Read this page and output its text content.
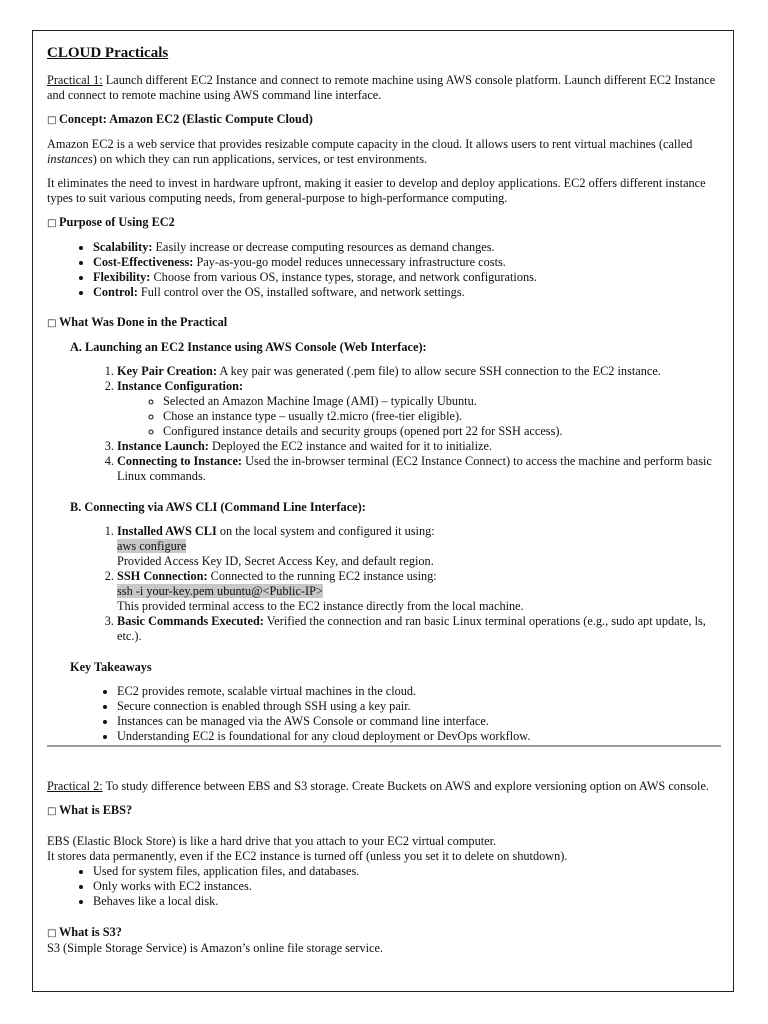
CLOUD Practicals

Practical 1: Launch different EC2 Instance and connect to remote machine using AWS console platform. Launch different EC2 Instance and connect to remote machine using AWS command line interface.

□ Concept: Amazon EC2 (Elastic Compute Cloud)

Amazon EC2 is a web service that provides resizable compute capacity in the cloud. It allows users to rent virtual machines (called instances) on which they can run applications, services, or test environments.

It eliminates the need to invest in hardware upfront, making it easier to develop and deploy applications. EC2 offers different instance types to suit various computing needs, from general-purpose to high-performance computing.

□ Purpose of Using EC2
• Scalability: Easily increase or decrease computing resources as demand changes.
• Cost-Effectiveness: Pay-as-you-go model reduces unnecessary infrastructure costs.
• Flexibility: Choose from various OS, instance types, storage, and network configurations.
• Control: Full control over the OS, installed software, and network settings.
□ What Was Done in the Practical
A. Launching an EC2 Instance using AWS Console (Web Interface):
1. Key Pair Creation: A key pair was generated (.pem file) to allow secure SSH connection to the EC2 instance.
2. Instance Configuration:
◦ Selected an Amazon Machine Image (AMI) – typically Ubuntu.
◦ Chose an instance type – usually t2.micro (free-tier eligible).
◦ Configured instance details and security groups (opened port 22 for SSH access).
3. Instance Launch: Deployed the EC2 instance and waited for it to initialize.
4. Connecting to Instance: Used the in-browser terminal (EC2 Instance Connect) to access the machine and perform basic Linux commands.
B. Connecting via AWS CLI (Command Line Interface):
1. Installed AWS CLI on the local system and configured it using:
aws configure
Provided Access Key ID, Secret Access Key, and default region.
2. SSH Connection: Connected to the running EC2 instance using:
ssh -i your-key.pem ubuntu@<Public-IP>
This provided terminal access to the EC2 instance directly from the local machine.
3. Basic Commands Executed: Verified the connection and ran basic Linux terminal operations (e.g., sudo apt update, ls, etc.).
Key Takeaways
• EC2 provides remote, scalable virtual machines in the cloud.
• Secure connection is enabled through SSH using a key pair.
• Instances can be managed via the AWS Console or command line interface.
• Understanding EC2 is foundational for any cloud deployment or DevOps workflow.

Practical 2: To study difference between EBS and S3 storage. Create Buckets on AWS and explore versioning option on AWS console.

□ What is EBS?
EBS (Elastic Block Store) is like a hard drive that you attach to your EC2 virtual computer.
It stores data permanently, even if the EC2 instance is turned off (unless you set it to delete on shutdown).
• Used for system files, application files, and databases.
• Only works with EC2 instances.
• Behaves like a local disk.
□ What is S3?
S3 (Simple Storage Service) is Amazon’s online file storage service.
